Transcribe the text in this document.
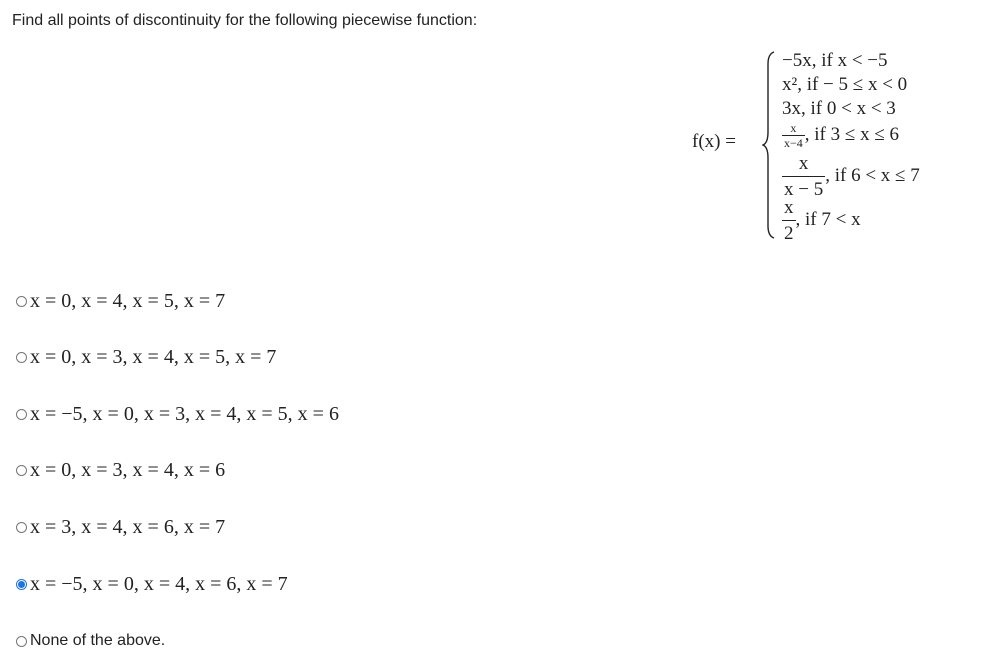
Find all points of discontinuity for the following piecewise function:
f(x) =
−5x, if x < −5
x², if − 5 ≤ x < 0
3x, if 0 < x < 3
$\frac{x}{x-4}$ , if 3 ≤ x ≤ 6
$\frac{x}{x - 5}$ , if 6 < x ≤ 7
$\frac{x}{2}$ , if 7 < x
x = 0, x = 4, x = 5, x = 7
x = 0, x = 3, x = 4, x = 5, x = 7
x = −5, x = 0, x = 3, x = 4, x = 5, x = 6
x = 0, x = 3, x = 4, x = 6
x = 3, x = 4, x = 6, x = 7
x = −5, x = 0, x = 4, x = 6, x = 7
None of the above.
